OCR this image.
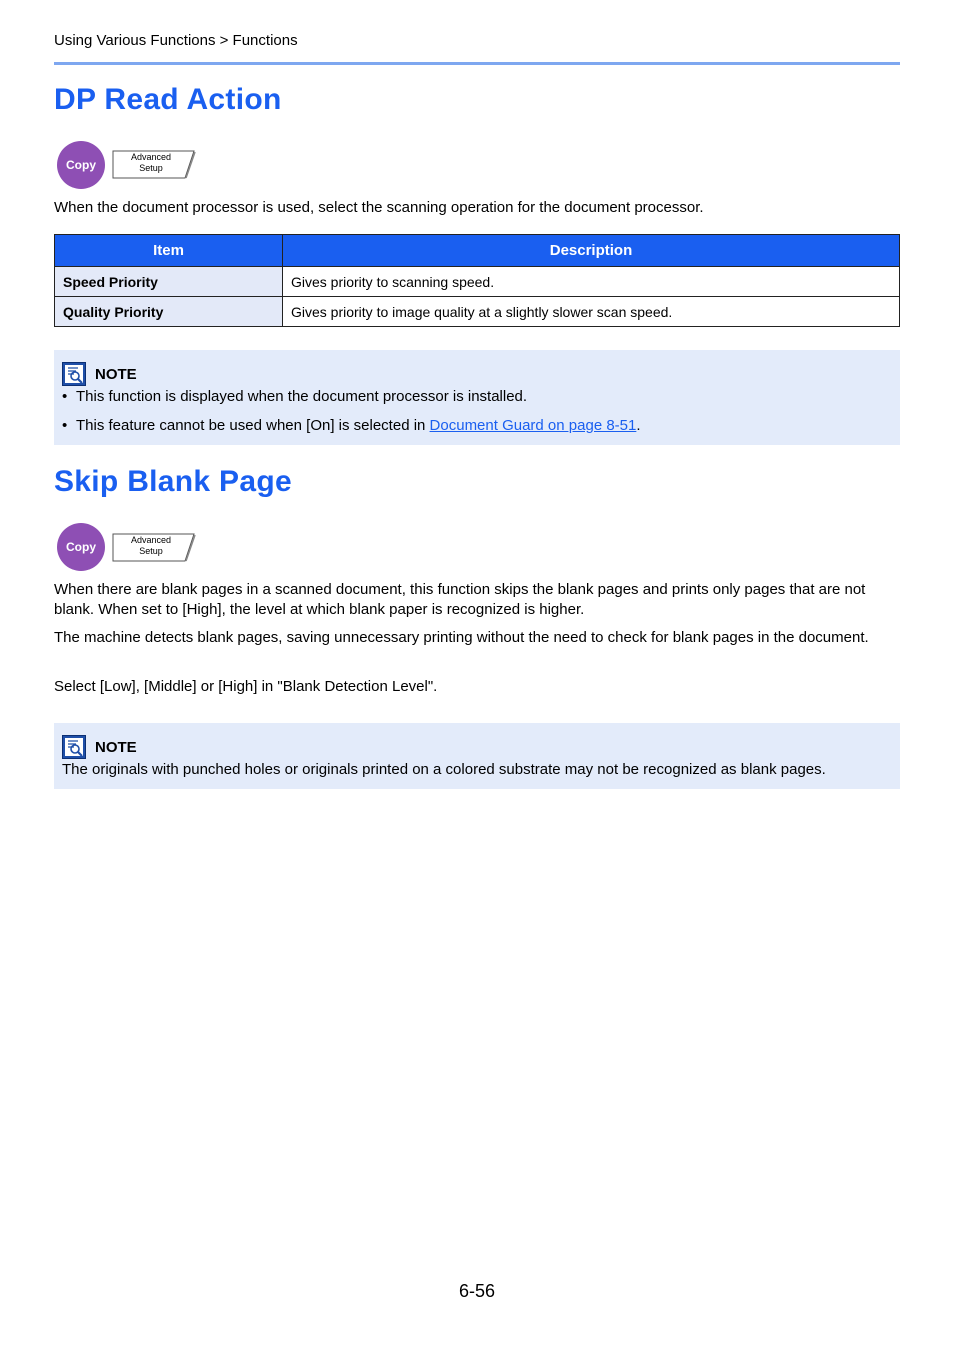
Using Various Functions > Functions
DP Read Action
Copy
Advanced
Setup

When the document processor is used, select the scanning operation for the document processor.

Item	Description
Speed Priority	Gives priority to scanning speed.
Quality Priority	Gives priority to image quality at a slightly slower scan speed.
NOTE
• This function is displayed when the document processor is installed.
• This feature cannot be used when [On] is selected in Document Guard on page 8-51.
Skip Blank Page
Copy	Advanced
Setup

When there are blank pages in a scanned document, this function skips the blank pages and prints only pages that are not blank. When set to [High], the level at which blank paper is recognized is higher.

The machine detects blank pages, saving unnecessary printing without the need to check for blank pages in the document.

Select [Low], [Middle] or [High] in "Blank Detection Level".

NOTE
The originals with punched holes or originals printed on a colored substrate may not be recognized as blank pages.
6-56
